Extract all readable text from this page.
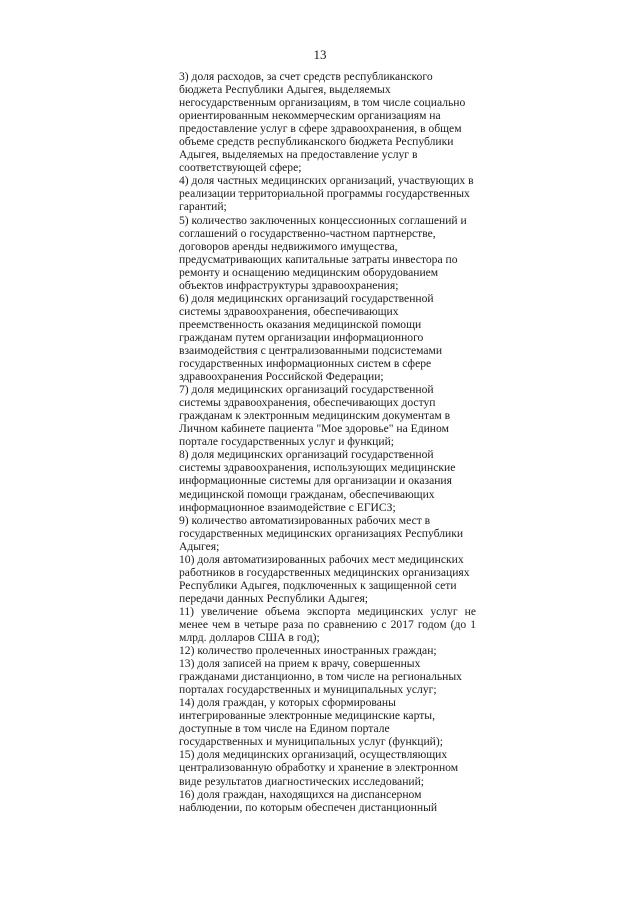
13
3) доля расходов, за счет средств республиканского
бюджета Республики Адыгея, выделяемых
негосударственным организациям, в том числе социально
ориентированным некоммерческим организациям на
предоставление услуг в сфере здравоохранения, в общем
объеме средств республиканского бюджета Республики
Адыгея, выделяемых на предоставление услуг в
соответствующей сфере;
4) доля частных медицинских организаций, участвующих в
реализации территориальной программы государственных
гарантий;
5) количество заключенных концессионных соглашений и
соглашений о государственно-частном партнерстве,
договоров аренды недвижимого имущества,
предусматривающих капитальные затраты инвестора по
ремонту и оснащению медицинским оборудованием
объектов инфраструктуры здравоохранения;
6) доля медицинских организаций государственной
системы здравоохранения, обеспечивающих
преемственность оказания медицинской помощи
гражданам путем организации информационного
взаимодействия с централизованными подсистемами
государственных информационных систем в сфере
здравоохранения Российской Федерации;
7) доля медицинских организаций государственной
системы здравоохранения, обеспечивающих доступ
гражданам к электронным медицинским документам в
Личном кабинете пациента "Мое здоровье" на Едином
портале государственных услуг и функций;
8) доля медицинских организаций государственной
системы здравоохранения, использующих медицинские
информационные системы для организации и оказания
медицинской помощи гражданам, обеспечивающих
информационное взаимодействие с ЕГИСЗ;
9) количество автоматизированных рабочих мест в
государственных медицинских организациях Республики
Адыгея;
10) доля автоматизированных рабочих мест медицинских
работников в государственных медицинских организациях
Республики Адыгея, подключенных к защищенной сети
передачи данных Республики Адыгея;
11) увеличение объема экспорта медицинских услуг не
менее чем в четыре раза по сравнению с 2017 годом (до 1
млрд. долларов США в год);
12) количество пролеченных иностранных граждан;
13) доля записей на прием к врачу, совершенных
гражданами дистанционно, в том числе на региональных
порталах государственных и муниципальных услуг;
14) доля граждан, у которых сформированы
интегрированные электронные медицинские карты,
доступные в том числе на Едином портале
государственных и муниципальных услуг (функций);
15) доля медицинских организаций, осуществляющих
централизованную обработку и хранение в электронном
виде результатов диагностических исследований;
16) доля граждан, находящихся на диспансерном
наблюдении, по которым обеспечен дистанционный
